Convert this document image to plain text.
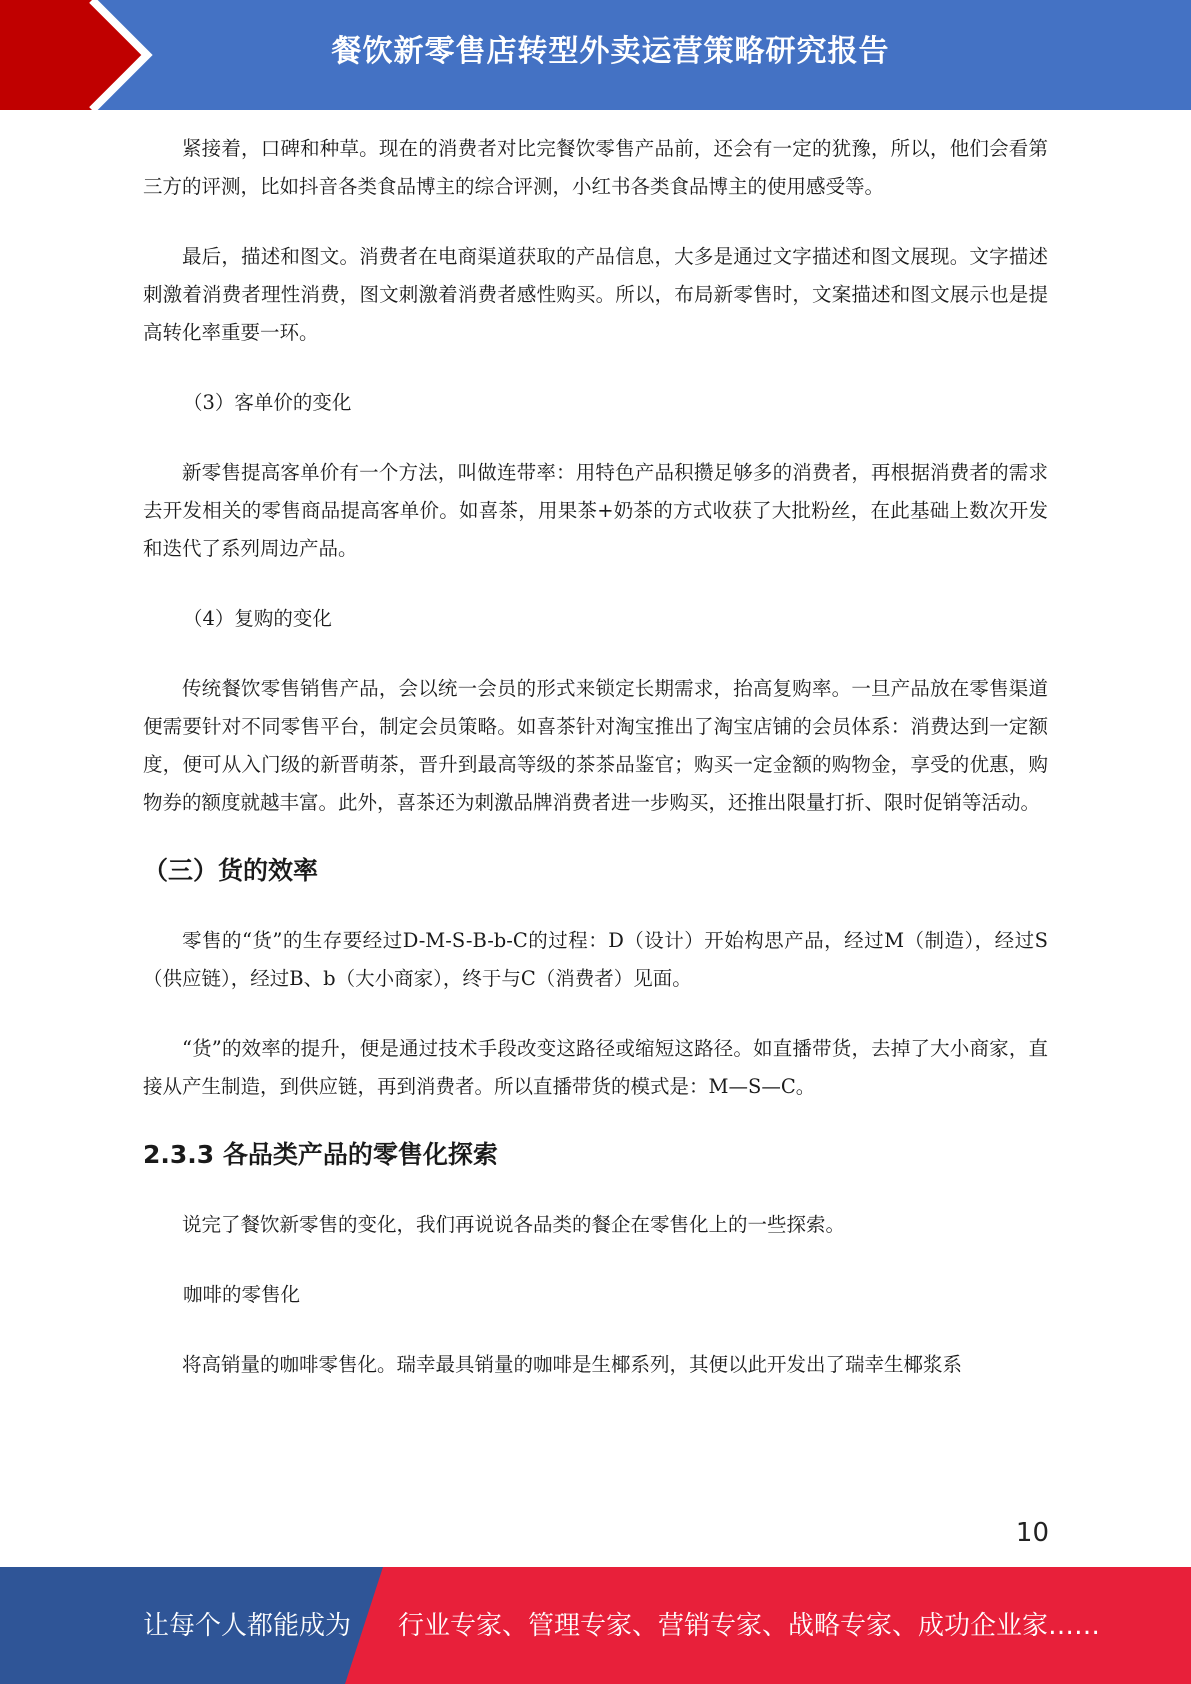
餐饮新零售店转型外卖运营策略研究报告

紧接着，口碑和种草。现在的消费者对比完餐饮零售产品前，还会有一定的犹豫，所以，他们会看第三方的评测，比如抖音各类食品博主的综合评测，小红书各类食品博主的使用感受等。

最后，描述和图文。消费者在电商渠道获取的产品信息，大多是通过文字描述和图文展现。文字描述刺激着消费者理性消费，图文刺激着消费者感性购买。所以，布局新零售时，文案描述和图文展示也是提高转化率重要一环。

（3）客单价的变化

新零售提高客单价有一个方法，叫做连带率：用特色产品积攒足够多的消费者，再根据消费者的需求去开发相关的零售商品提高客单价。如喜茶，用果茶+奶茶的方式收获了大批粉丝，在此基础上数次开发和迭代了系列周边产品。

（4）复购的变化

传统餐饮零售销售产品，会以统一会员的形式来锁定长期需求，抬高复购率。一旦产品放在零售渠道便需要针对不同零售平台，制定会员策略。如喜茶针对淘宝推出了淘宝店铺的会员体系：消费达到一定额度，便可从入门级的新晋萌茶，晋升到最高等级的茶茶品鉴官；购买一定金额的购物金，享受的优惠，购物券的额度就越丰富。此外，喜茶还为刺激品牌消费者进一步购买，还推出限量打折、限时促销等活动。

（三）货的效率

零售的“货”的生存要经过D-M-S-B-b-C的过程：D（设计）开始构思产品，经过M（制造），经过S（供应链），经过B、b（大小商家），终于与C（消费者）见面。

“货”的效率的提升，便是通过技术手段改变这路径或缩短这路径。如直播带货，去掉了大小商家，直接从产生制造，到供应链，再到消费者。所以直播带货的模式是：M—S—C。

2.3.3 各品类产品的零售化探索

说完了餐饮新零售的变化，我们再说说各品类的餐企在零售化上的一些探索。

咖啡的零售化

将高销量的咖啡零售化。瑞幸最具销量的咖啡是生椰系列，其便以此开发出了瑞幸生椰浆系

10
让每个人都能成为 行业专家、管理专家、营销专家、战略专家、成功企业家……
